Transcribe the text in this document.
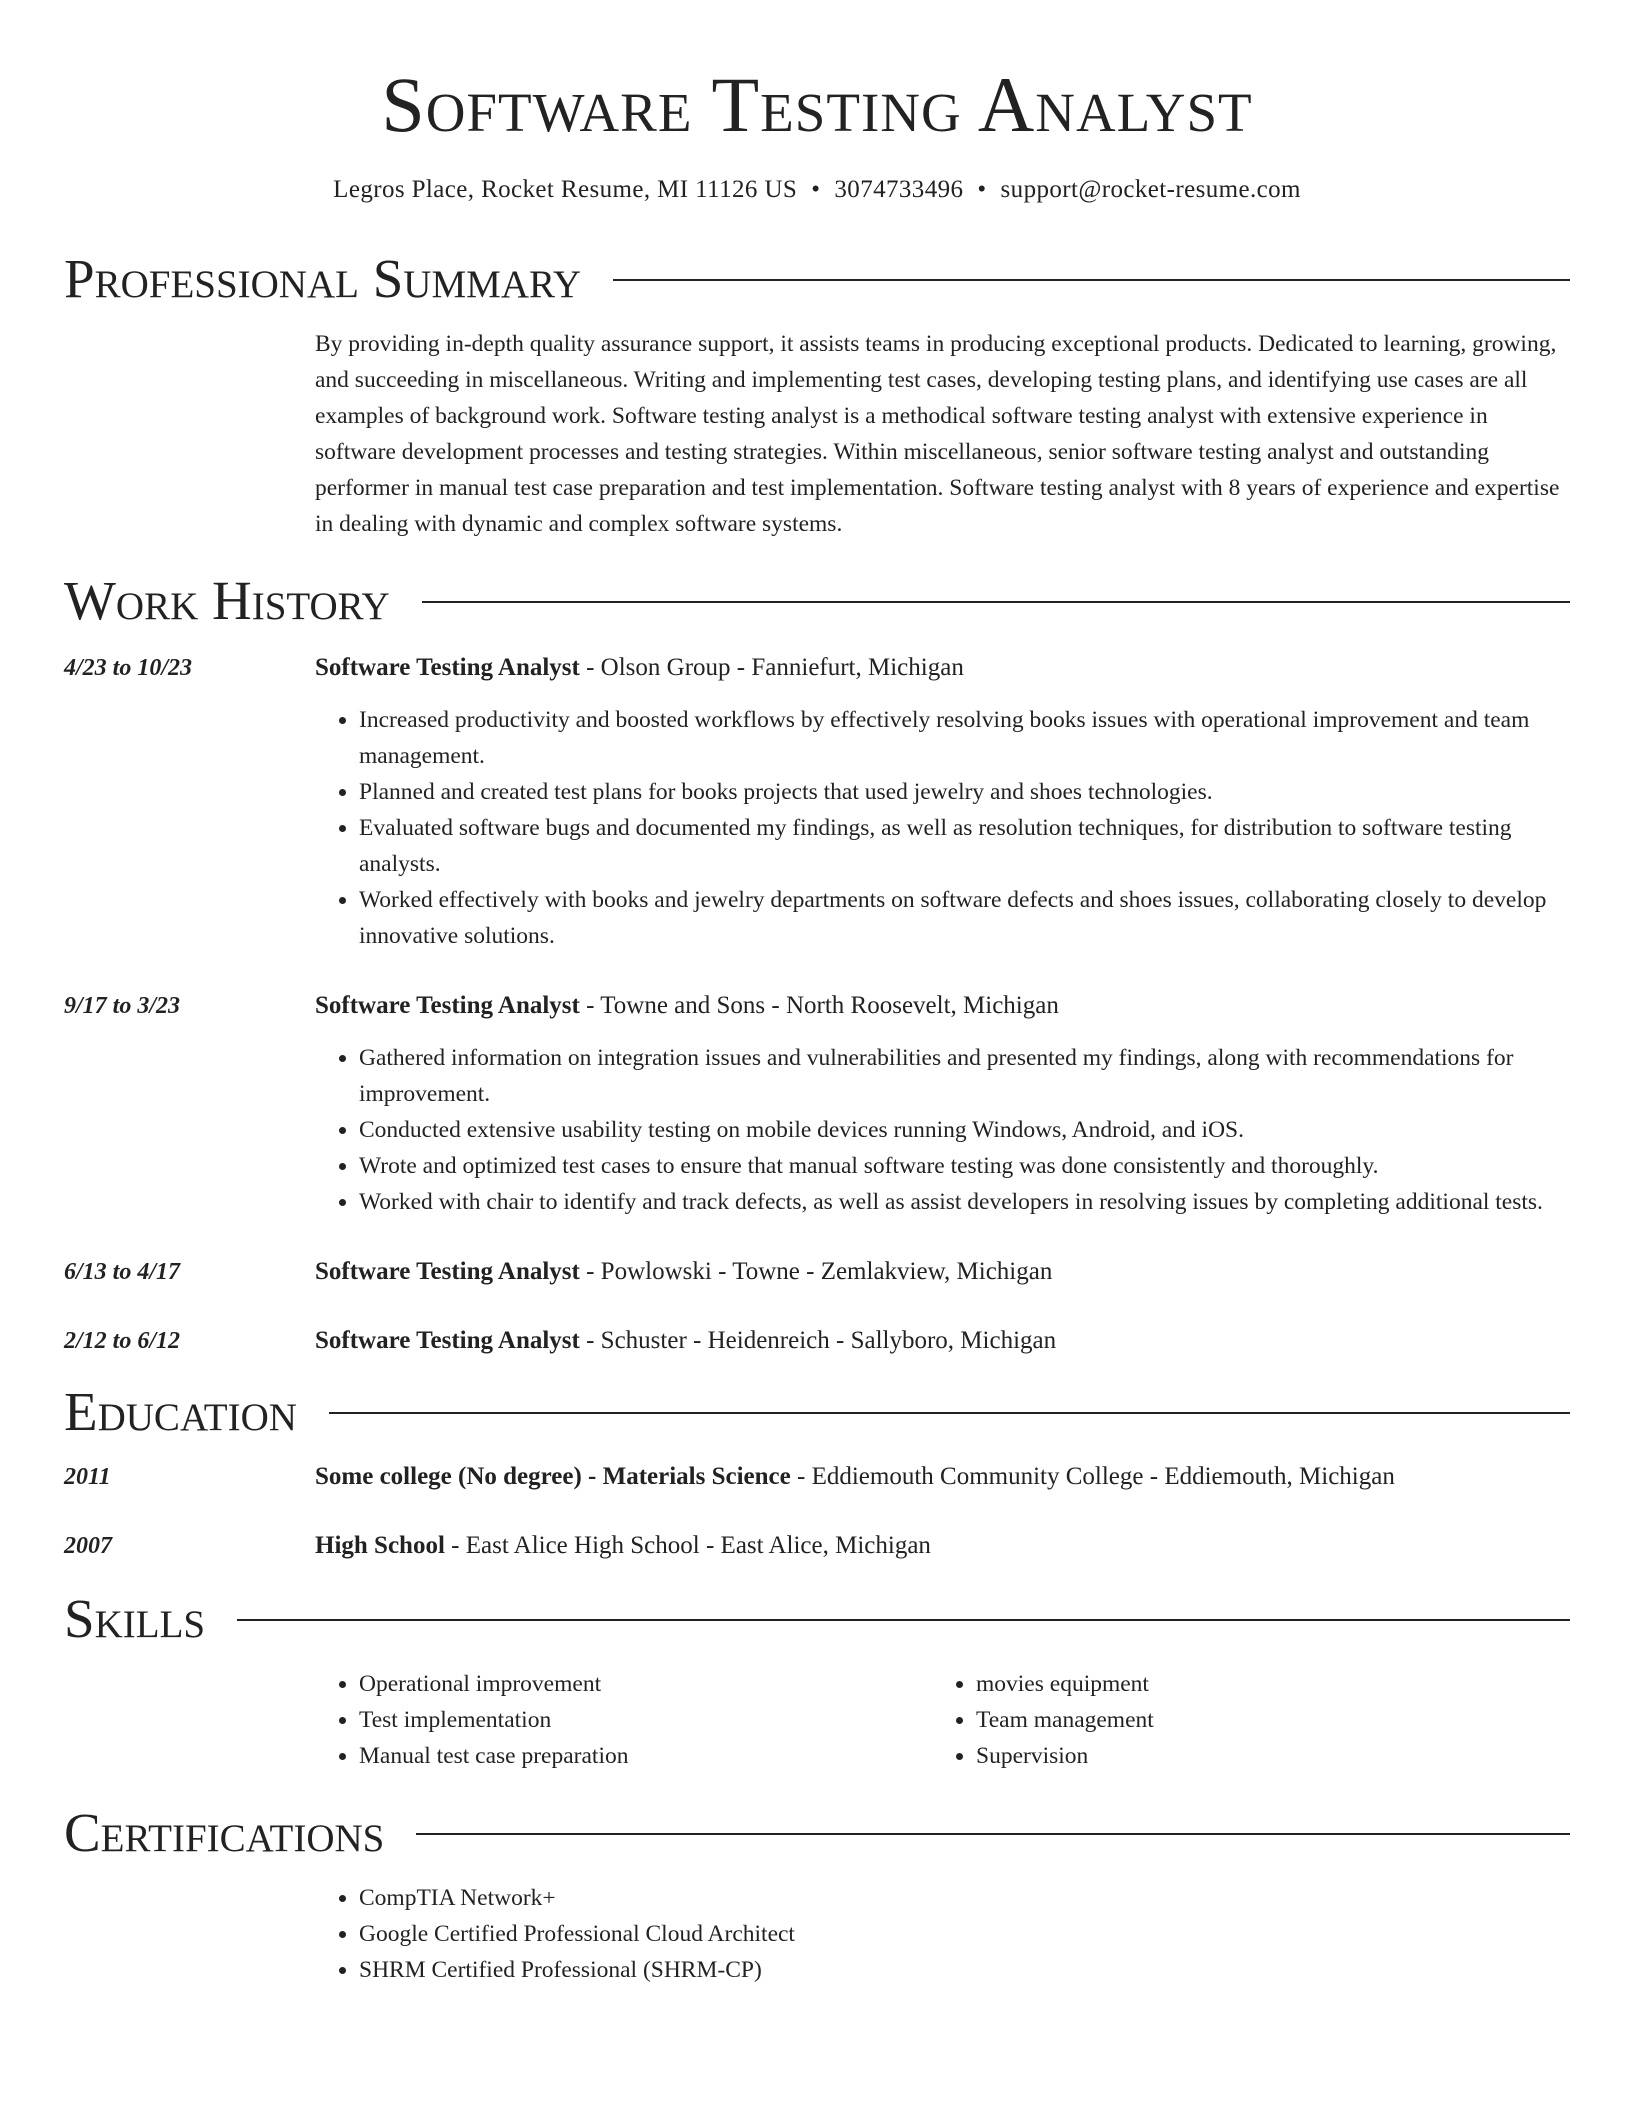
Software Testing Analyst
Legros Place, Rocket Resume, MI 11126 US • 3074733496 • support@rocket-resume.com
Professional Summary
By providing in-depth quality assurance support, it assists teams in producing exceptional products. Dedicated to learning, growing, and succeeding in miscellaneous. Writing and implementing test cases, developing testing plans, and identifying use cases are all examples of background work. Software testing analyst is a methodical software testing analyst with extensive experience in software development processes and testing strategies. Within miscellaneous, senior software testing analyst and outstanding performer in manual test case preparation and test implementation. Software testing analyst with 8 years of experience and expertise in dealing with dynamic and complex software systems.
Work History
4/23 to 10/23	Software Testing Analyst - Olson Group - Fanniefurt, Michigan
• Increased productivity and boosted workflows by effectively resolving books issues with operational improvement and team management.
• Planned and created test plans for books projects that used jewelry and shoes technologies.
• Evaluated software bugs and documented my findings, as well as resolution techniques, for distribution to software testing analysts.
• Worked effectively with books and jewelry departments on software defects and shoes issues, collaborating closely to develop innovative solutions.
9/17 to 3/23	Software Testing Analyst - Towne and Sons - North Roosevelt, Michigan
• Gathered information on integration issues and vulnerabilities and presented my findings, along with recommendations for improvement.
• Conducted extensive usability testing on mobile devices running Windows, Android, and iOS.
• Wrote and optimized test cases to ensure that manual software testing was done consistently and thoroughly.
• Worked with chair to identify and track defects, as well as assist developers in resolving issues by completing additional tests.
6/13 to 4/17	Software Testing Analyst - Powlowski - Towne - Zemlakview, Michigan
2/12 to 6/12	Software Testing Analyst - Schuster - Heidenreich - Sallyboro, Michigan
Education
2011	Some college (No degree) - Materials Science - Eddiemouth Community College - Eddiemouth, Michigan
2007	High School - East Alice High School - East Alice, Michigan
Skills
• Operational improvement
• Test implementation
• Manual test case preparation
• movies equipment
• Team management
• Supervision
Certifications
• CompTIA Network+
• Google Certified Professional Cloud Architect
• SHRM Certified Professional (SHRM-CP)
